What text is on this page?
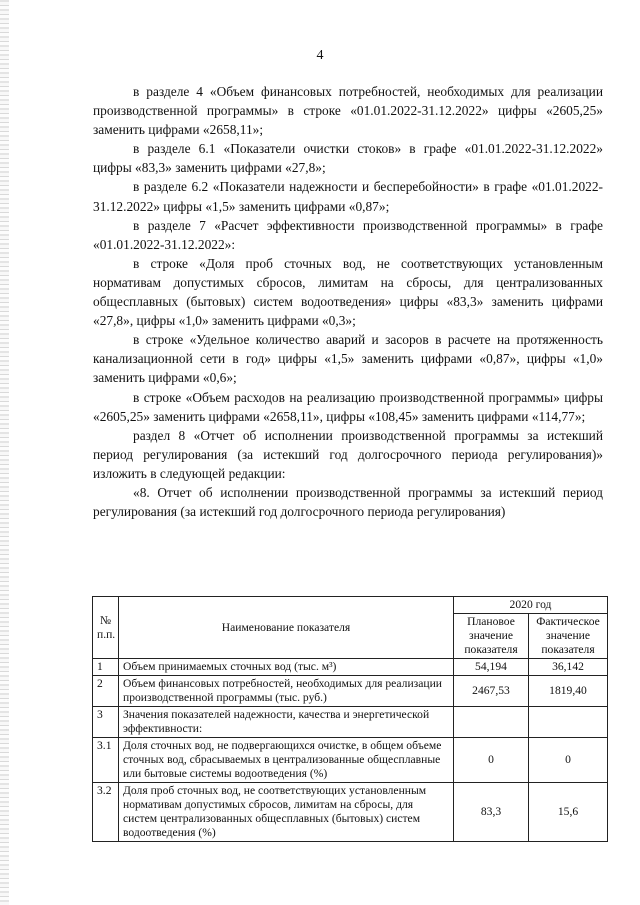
4

в разделе 4 «Объем финансовых потребностей, необходимых для реализации производственной программы» в строке «01.01.2022-31.12.2022» цифры «2605,25» заменить цифрами «2658,11»;

в разделе 6.1 «Показатели очистки стоков» в графе «01.01.2022-31.12.2022» цифры «83,3» заменить цифрами «27,8»;

в разделе 6.2 «Показатели надежности и бесперебойности» в графе «01.01.2022-31.12.2022» цифры «1,5» заменить цифрами «0,87»;

в разделе 7 «Расчет эффективности производственной программы» в графе «01.01.2022-31.12.2022»:

в строке «Доля проб сточных вод, не соответствующих установленным нормативам допустимых сбросов, лимитам на сбросы, для централизованных общесплавных (бытовых) систем водоотведения» цифры «83,3» заменить цифрами «27,8», цифры «1,0» заменить цифрами «0,3»;

в строке «Удельное количество аварий и засоров в расчете на протяженность канализационной сети в год» цифры «1,5» заменить цифрами «0,87», цифры «1,0» заменить цифрами «0,6»;

в строке «Объем расходов на реализацию производственной программы» цифры «2605,25» заменить цифрами «2658,11», цифры «108,45» заменить цифрами «114,77»;

раздел 8 «Отчет об исполнении производственной программы за истекший период регулирования (за истекший год долгосрочного периода регулирования)» изложить в следующей редакции:

«8. Отчет об исполнении производственной программы за истекший период регулирования (за истекший год долгосрочного периода регулирования)

№ п.п.	Наименование показателя	2020 год	
		Плановое значение показателя	Фактическое значение показателя
1	Объем принимаемых сточных вод (тыс. м³)	54,194	36,142
2	Объем финансовых потребностей, необходимых для реализации производственной программы (тыс. руб.)	2467,53	1819,40
3	Значения показателей надежности, качества и энергетической эффективности:		
3.1	Доля сточных вод, не подвергающихся очистке, в общем объеме сточных вод, сбрасываемых в централизованные общесплавные или бытовые системы водоотведения (%)	0	0
3.2	Доля проб сточных вод, не соответствующих установленным нормативам допустимых сбросов, лимитам на сбросы, для систем централизованных общесплавных (бытовых) систем водоотведения (%)	83,3	15,6
